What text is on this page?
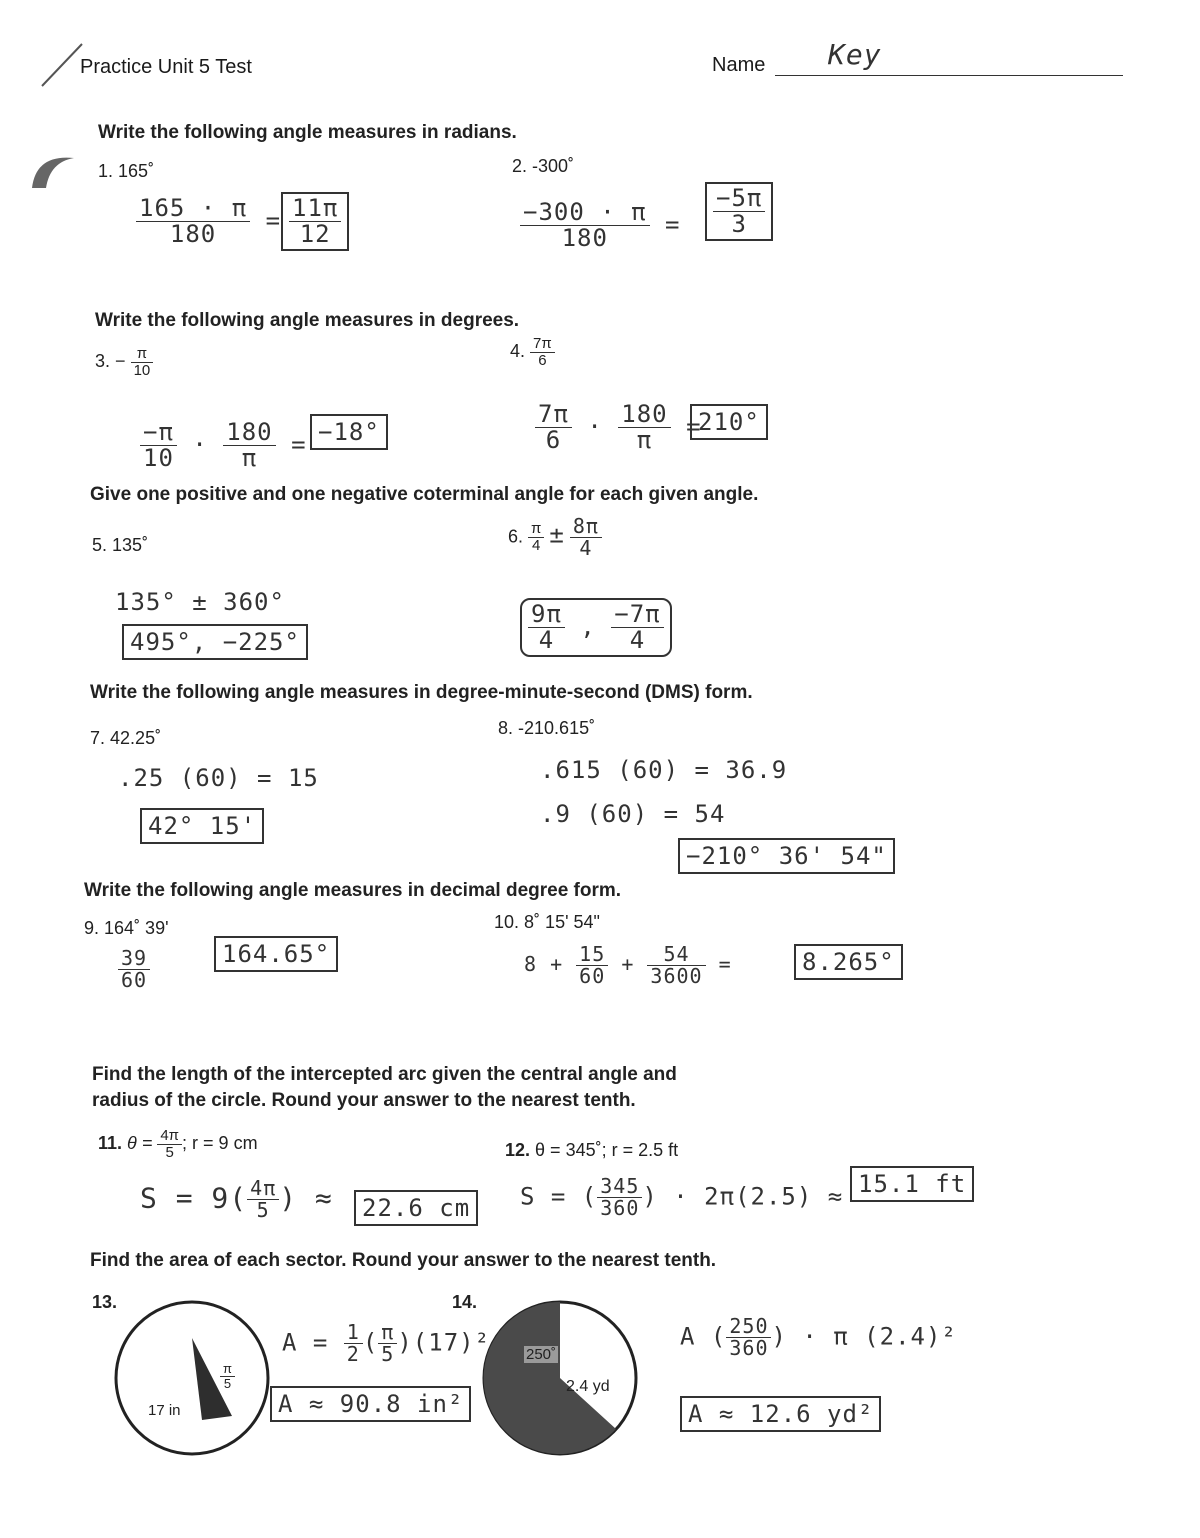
Practice Unit 5 Test	Name Key
Write the following angle measures in radians.
1. 165˚	2. -300˚
$\frac{165 \cdot \pi}{180} = \frac{11\pi}{12}$	$\frac{-300 \cdot \pi}{180} = \frac{-5\pi}{3}$
Write the following angle measures in degrees.
3. − $\frac{\pi}{10}$	4. $\frac{7\pi}{6}$
$\frac{-\pi}{10} \cdot \frac{180}{\pi} = -18^\circ$	$\frac{7\pi}{6} \cdot \frac{180}{\pi}$ =
210°
Give one positive and one negative coterminal angle for each given angle.
5. 135˚	6. $\frac{\pi}{4} \pm \frac{8\pi}{4}$
135° ± 360°
495°, −225°	$\frac{9\pi}{4}$ , $\frac{-7\pi}{4}$
Write the following angle measures in degree-minute-second (DMS) form.
7. 42.25˚	8. -210.615˚
.25 (60) = 15
42° 15'
.615 (60) = 36.9
.9 (60) = 54
−210° 36' 54"
Write the following angle measures in decimal degree form.
9. 164˚ 39'	10. 8˚ 15' 54"
$\frac{39}{60}$	164.65°	$8 + \frac{15}{60} + \frac{54}{3600}$ =	8.265°
Find the length of the intercepted arc given the central angle and
radius of the circle. Round your answer to the nearest tenth.
11. $\theta = \frac{4\pi}{5}$ ; r = 9 cm	12. θ = 345˚; r = 2.5 ft
$S = 9( \frac{4\pi}{5}$ ) ≈	22.6 cm	S = ( $\frac{345}{360}$ ) · 2π(2.5) ≈ 15.1 ft
Find the area of each sector. Round your answer to the nearest tenth.
13.	14.
17 in
$\frac{\pi}{5}$
$A = \frac{1}{2}$ ( $\frac{\pi}{5} )(17)^2$
A ≈ 90.8 in²
250˚
2.4 yd
A ( $\frac{250}{360}$ ) · π (2.4)²
A ≈ 12.6 yd²
